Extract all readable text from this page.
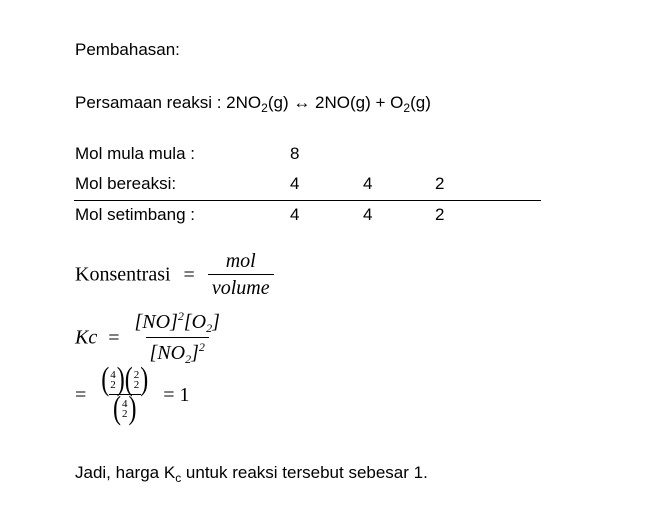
Pembahasan:
Persamaan reaksi : $2NO_2(g)$ ↔ $2NO(g) + O_2(g)$
Mol mula mula :	8
Mol bereaksi:	4	4	2
Mol setimbang :	4	4	2
Konsentrasi = $\frac{\text{mol}}{\text{volume}}$
$Kc = \frac{[NO]^2[O_2]}{[NO_2]^2}$
= ( 4
2 ) ( 2
2 )
( 4
2 ) = 1
Jadi, harga $K_c$ untuk reaksi tersebut sebesar 1.
